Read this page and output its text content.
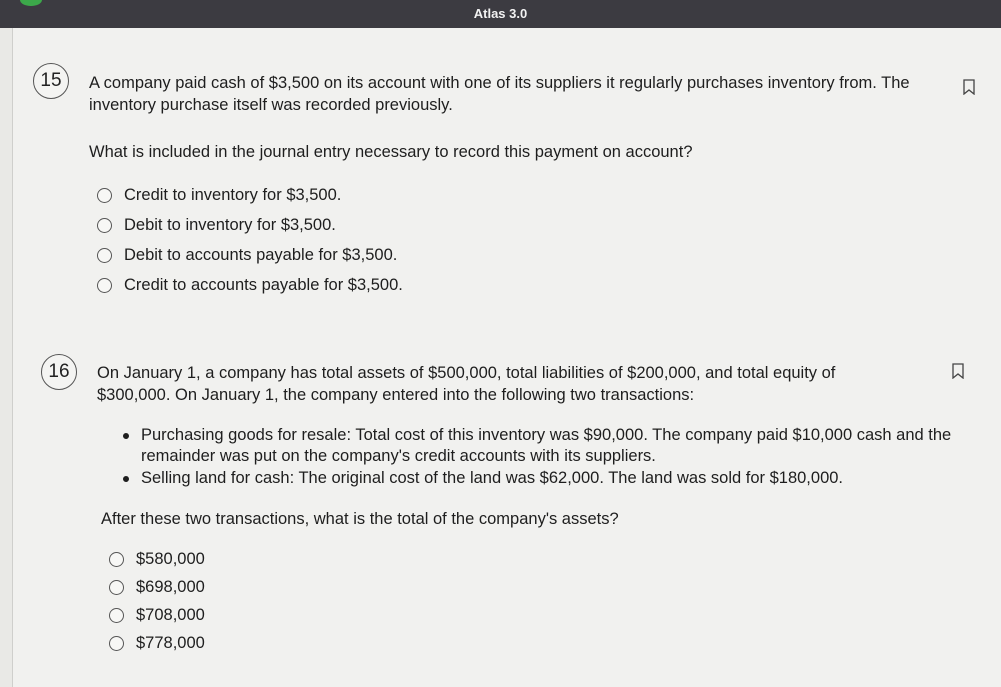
Atlas 3.0
15	A company paid cash of $3,500 on its account with one of its suppliers it regularly purchases inventory from. The inventory purchase itself was recorded previously.
What is included in the journal entry necessary to record this payment on account?
Credit to inventory for $3,500.
Debit to inventory for $3,500.
Debit to accounts payable for $3,500.
Credit to accounts payable for $3,500.
16	On January 1, a company has total assets of $500,000, total liabilities of $200,000, and total equity of $300,000. On January 1, the company entered into the following two transactions:
Purchasing goods for resale: Total cost of this inventory was $90,000. The company paid $10,000 cash and the remainder was put on the company's credit accounts with its suppliers.
Selling land for cash: The original cost of the land was $62,000. The land was sold for $180,000.
After these two transactions, what is the total of the company's assets?
$580,000
$698,000
$708,000
$778,000
